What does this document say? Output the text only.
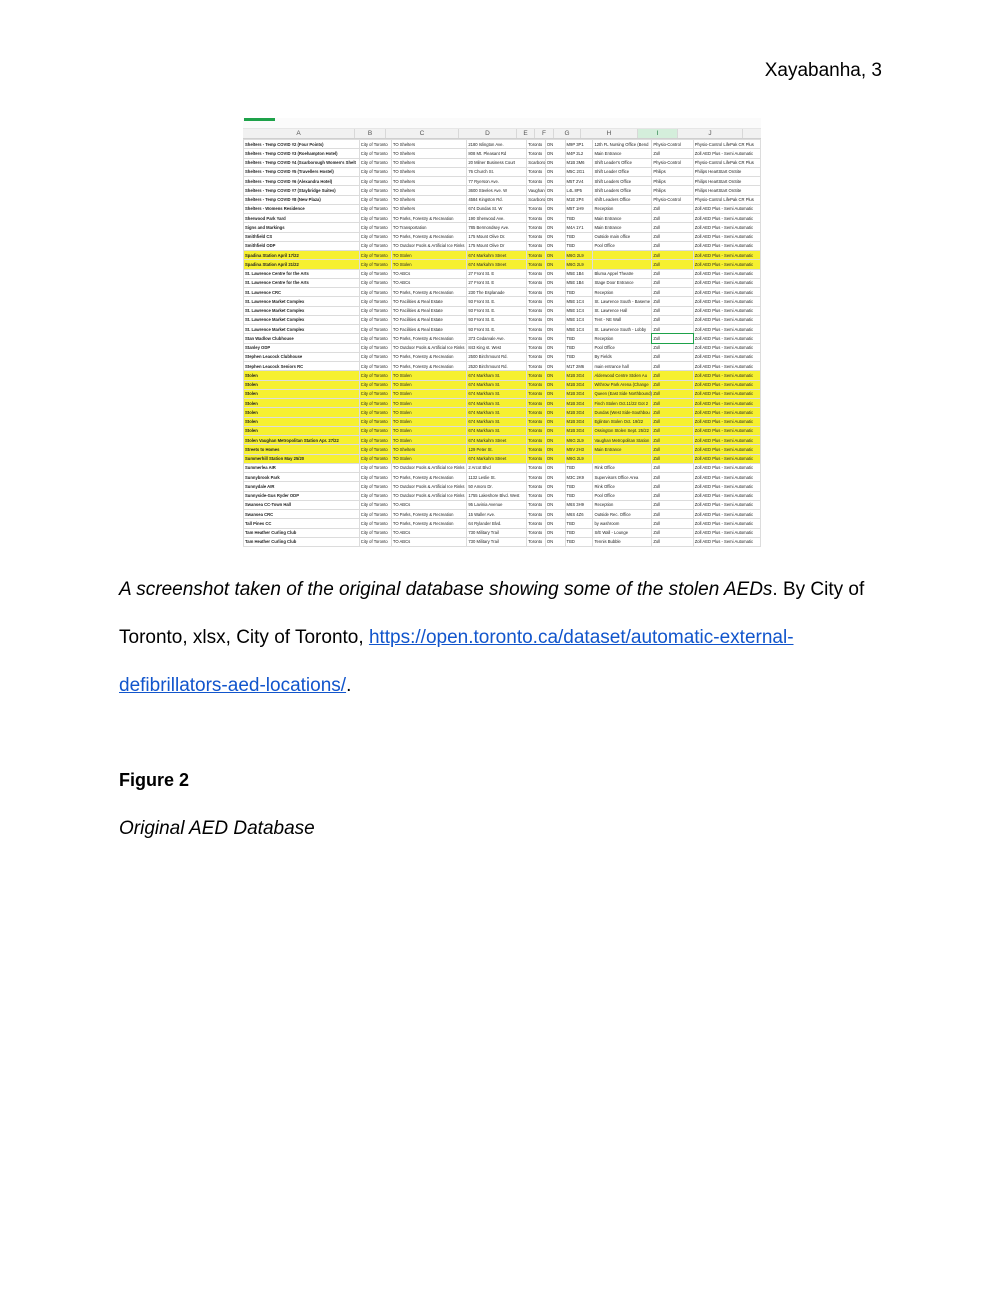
Xayabanha, 3
A	B	C	D	E	F	G	H	I	J
Shelters - Temp COVID #2 (Four Points)	City of Toronto	TO Shelters	2180 Islington Ave.	Toronto	ON	M9P 3P1	12th FL Nursing Office (Bend	Physio-Control	Physio-Control LifePak CR Plus
Shelters - Temp COVID #3 (Roehampton Hotel)	City of Toronto	TO Shelters	808 Mt. Pleasant Rd	Toronto	ON	M4P 2L2	Main Entrance	Zoll	Zoll AED Plus - Semi Automatic
Shelters - Temp COVID #4 (Scarborough Women's Shelt	City of Toronto	TO Shelters	20 Milner Business Court	Scarboro	ON	M1B 3M6	Shift Leader's Office	Physio-Control	Physio-Control LifePak CR Plus
Shelters - Temp COVID #5 (Travellers Hostel)	City of Toronto	TO Shelters	76 Church St.	Toronto	ON	M5C 2G1	Shift Leader Office	Philips	Philips HeartStart OnSite
Shelters - Temp COVID #6 (Alexandra Hotel)	City of Toronto	TO Shelters	77 Ryerson Ave.	Toronto	ON	M5T 2V4	Shift Leaders Office	Philips	Philips HeartStart OnSite
Shelters - Temp COVID #7 (Staybridge Suites)	City of Toronto	TO Shelters	3600 Steeles Ave. W	Vaughan	ON	L4L 8P5	Shift Leaders Office	Philips	Philips HeartStart OnSite
Shelters - Temp COVID #8 (New Plaza)	City of Toronto	TO Shelters	4584 Kingston Rd.	Scarboro	ON	M1E 2P4	shift Leaders Office	Physio-Control	Physio-Control LifePak CR Plus
Shelters - Womens Residence	City of Toronto	TO Shelters	674 Dundas St. W	Toronto	ON	M5T 1H9	Reception	Zoll	Zoll AED Plus - Semi Automatic
Sherwood Park Yard	City of Toronto	TO Parks, Forestry & Recreation	190 Sherwood Ave.	Toronto	ON	TBD	Main Entrance	Zoll	Zoll AED Plus - Semi Automatic
Signs and Markings	City of Toronto	TO Transportation	785 Bermondsey Ave.	Toronto	ON	M4A 1Y1	Main Entrance	Zoll	Zoll AED Plus - Semi Automatic
Smithfield CS	City of Toronto	TO Parks, Forestry & Recreation	175 Mount Olive Dr.	Toronto	ON	TBD	Outside main office	Zoll	Zoll AED Plus - Semi Automatic
Smithfield ODP	City of Toronto	TO Outdoor Pools & Artificial Ice Rinks	175 Mount Olive Dr	Toronto	ON	TBD	Pool Office	Zoll	Zoll AED Plus - Semi Automatic
Spadina Station April 17/22	City of Toronto	TO Stolen	674 Markahm Street	Toronto	ON	M6G 2L9		Zoll	Zoll AED Plus - Semi Automatic
Spadina Station April 21/22	City of Toronto	TO Stolen	674 Markahm Street	Toronto	ON	M6G 2L9		Zoll	Zoll AED Plus - Semi Automatic
St. Lawrence Centre for the Arts	City of Toronto	TO ABCs	27 Front St. E	Toronto	ON	M5E 1B4	Bluma Appel Theatre	Zoll	Zoll AED Plus - Semi Automatic
St. Lawrence Centre for the Arts	City of Toronto	TO ABCs	27 Front St. E	Toronto	ON	M5E 1B4	Stage Door Entrance	Zoll	Zoll AED Plus - Semi Automatic
St. Lawrence CRC	City of Toronto	TO Parks, Forestry & Recreation	230 The Esplanade	Toronto	ON	TBD	Reception	Zoll	Zoll AED Plus - Semi Automatic
St. Lawrence Market Complex	City of Toronto	TO Facilities & Real Estate	93 Front St. E.	Toronto	ON	M5E 1C4	St. Lawrence South - Baseme	Zoll	Zoll AED Plus - Semi Automatic
St. Lawrence Market Complex	City of Toronto	TO Facilities & Real Estate	93 Front St. E.	Toronto	ON	M5E 1C4	St. Lawrence Hall	Zoll	Zoll AED Plus - Semi Automatic
St. Lawrence Market Complex	City of Toronto	TO Facilities & Real Estate	93 Front St. E.	Toronto	ON	M5E 1C4	Tent - NE Wall	Zoll	Zoll AED Plus - Semi Automatic
St. Lawrence Market Complex	City of Toronto	TO Facilities & Real Estate	93 Front St. E.	Toronto	ON	M5E 1C4	St. Lawrence South - Lobby	Zoll	Zoll AED Plus - Semi Automatic
Stan Wadlow Clubhouse	City of Toronto	TO Parks, Forestry & Recreation	373 Cedarvale Ave.	Toronto	ON	TBD	Reception	Zoll	Zoll AED Plus - Semi Automatic
Stanley ODP	City of Toronto	TO Outdoor Pools & Artificial Ice Rinks	843 King st. West	Toronto	ON	TBD	Pool Office	Zoll	Zoll AED Plus - Semi Automatic
Stephen Leacock Clubhouse	City of Toronto	TO Parks, Forestry & Recreation	2500 Birchmount Rd.	Toronto	ON	TBD	By Fields	Zoll	Zoll AED Plus - Semi Automatic
Stephen Leacock Seniors RC	City of Toronto	TO Parks, Forestry & Recreation	2520 Birchmount Rd.	Toronto	ON	M1T 2M6	main entrance hall	Zoll	Zoll AED Plus - Semi Automatic
Stolen	City of Toronto	TO Stolen	674 Markham St.	Toronto	ON	M1B 3G4	Alderwood Centre Stolen Au	Zoll	Zoll AED Plus - Semi Automatic
Stolen	City of Toronto	TO Stolen	674 Markham St.	Toronto	ON	M1B 3G4	Withrow Park Arena (Change	Zoll	Zoll AED Plus - Semi Automatic
Stolen	City of Toronto	TO Stolen	674 Markham St.	Toronto	ON	M1B 3G4	Queen (East Side Northbound)	Zoll	Zoll AED Plus - Semi Automatic
Stolen	City of Toronto	TO Stolen	674 Markham St.	Toronto	ON	M1B 3G4	Finch Stolen Oct.11/22 Got 2	Zoll	Zoll AED Plus - Semi Automatic
Stolen	City of Toronto	TO Stolen	674 Markham St.	Toronto	ON	M1B 3G4	Dundas (West Side-Southbou	Zoll	Zoll AED Plus - Semi Automatic
Stolen	City of Toronto	TO Stolen	674 Markham St.	Toronto	ON	M1B 3G4	Eglinton Stolen Oct. 19/22	Zoll	Zoll AED Plus - Semi Automatic
Stolen	City of Toronto	TO Stolen	674 Markham St.	Toronto	ON	M1B 3G4	Ossington Stolen Sept. 25/22	Zoll	Zoll AED Plus - Semi Automatic
Stolen Vaughan Metropolitan Station Apr. 27/22	City of Toronto	TO Stolen	674 Markahm Street	Toronto	ON	M6G 2L9	Vaughan Metropolitan Station	Zoll	Zoll AED Plus - Semi Automatic
Streets to Homes	City of Toronto	TO Shelters	129 Peter St.	Toronto	ON	M5V 2H3	Main Entrance	Zoll	Zoll AED Plus - Semi Automatic
Summerhill Station May 25/20	City of Toronto	TO Stolen	674 Markahm Street	Toronto	ON	M6G 2L9		Zoll	Zoll AED Plus - Semi Automatic
Summerlea AIR	City of Toronto	TO Outdoor Pools & Artificial Ice Rinks	2 Arcot Blvd	Toronto	ON	TBD	Rink Office	Zoll	Zoll AED Plus - Semi Automatic
Sunnybrook Park	City of Toronto	TO Parks, Forestry & Recreation	1132 Leslie St.	Toronto	ON	M3C 2K9	Supervisors Office Area	Zoll	Zoll AED Plus - Semi Automatic
Sunnydale AIR	City of Toronto	TO Outdoor Pools & Artificial Ice Rinks	50 Amoro Dr.	Toronto	ON	TBD	Rink Office	Zoll	Zoll AED Plus - Semi Automatic
Sunnyside-Gus Ryder ODP	City of Toronto	TO Outdoor Pools & Artificial Ice Rinks	1755 Lakeshore Blvd. West	Toronto	ON	TBD	Pool Office	Zoll	Zoll AED Plus - Semi Automatic
Swansea CC-Town Hall	City of Toronto	TO ABCs	95 Lavinia Avenue	Toronto	ON	M6S 3H9	Reception	Zoll	Zoll AED Plus - Semi Automatic
Swansea CRC	City of Toronto	TO Parks, Forestry & Recreation	15 Waller Ave.	Toronto	ON	M6S 4Z6	Outside Rec. Office	Zoll	Zoll AED Plus - Semi Automatic
Tall Pines CC	City of Toronto	TO Parks, Forestry & Recreation	64 Rylander Blvd.	Toronto	ON	TBD	by washroom	Zoll	Zoll AED Plus - Semi Automatic
Tam Heather Curling Club	City of Toronto	TO ABCs	730 Military Trail	Toronto	ON	TBD	S/E Wall - Lounge	Zoll	Zoll AED Plus - Semi Automatic
Tam Heather Curling Club	City of Toronto	TO ABCs	730 Military Trail	Toronto	ON	TBD	Tennis Bubble	Zoll	Zoll AED Plus - Semi Automatic
A screenshot taken of the original database showing some of the stolen AEDs. By City of Toronto, xlsx, City of Toronto, https://open.toronto.ca/dataset/automatic-external-defibrillators-aed-locations/.
Figure 2
Original AED Database
